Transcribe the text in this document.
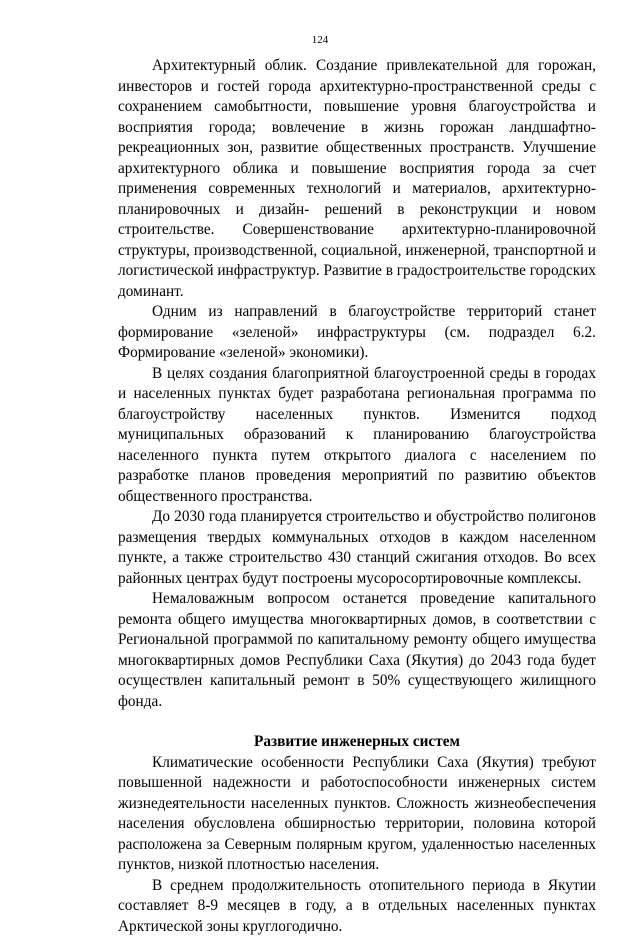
124

Архитектурный облик. Создание привлекательной для горожан, инвесторов и гостей города архитектурно-пространственной среды с сохранением самобытности, повышение уровня благоустройства и восприятия города; вовлечение в жизнь горожан ландшафтно-рекреационных зон, развитие общественных пространств. Улучшение архитектурного облика и повышение восприятия города за счет применения современных технологий и материалов, архитектурно-планировочных и дизайн- решений в реконструкции и новом строительстве. Совершенствование архитектурно-планировочной структуры, производственной, социальной, инженерной, транспортной и логистической инфраструктур. Развитие в градостроительстве городских доминант.

Одним из направлений в благоустройстве территорий станет формирование «зеленой» инфраструктуры (см. подраздел 6.2. Формирование «зеленой» экономики).

В целях создания благоприятной благоустроенной среды в городах и населенных пунктах будет разработана региональная программа по благоустройству населенных пунктов. Изменится подход муниципальных образований к планированию благоустройства населенного пункта путем открытого диалога с населением по разработке планов проведения мероприятий по развитию объектов общественного пространства.

До 2030 года планируется строительство и обустройство полигонов размещения твердых коммунальных отходов в каждом населенном пункте, а также строительство 430 станций сжигания отходов. Во всех районных центрах будут построены мусоросортировочные комплексы.

Немаловажным вопросом останется проведение капитального ремонта общего имущества многоквартирных домов, в соответствии с Региональной программой по капитальному ремонту общего имущества многоквартирных домов Республики Саха (Якутия) до 2043 года будет осуществлен капитальный ремонт в 50% существующего жилищного фонда.

Развитие инженерных систем

Климатические особенности Республики Саха (Якутия) требуют повышенной надежности и работоспособности инженерных систем жизнедеятельности населенных пунктов. Сложность жизнеобеспечения населения обусловлена обширностью территории, половина которой расположена за Северным полярным кругом, удаленностью населенных пунктов, низкой плотностью населения.

В среднем продолжительность отопительного периода в Якутии составляет 8-9 месяцев в году, а в отдельных населенных пунктах Арктической зоны круглогодично.
